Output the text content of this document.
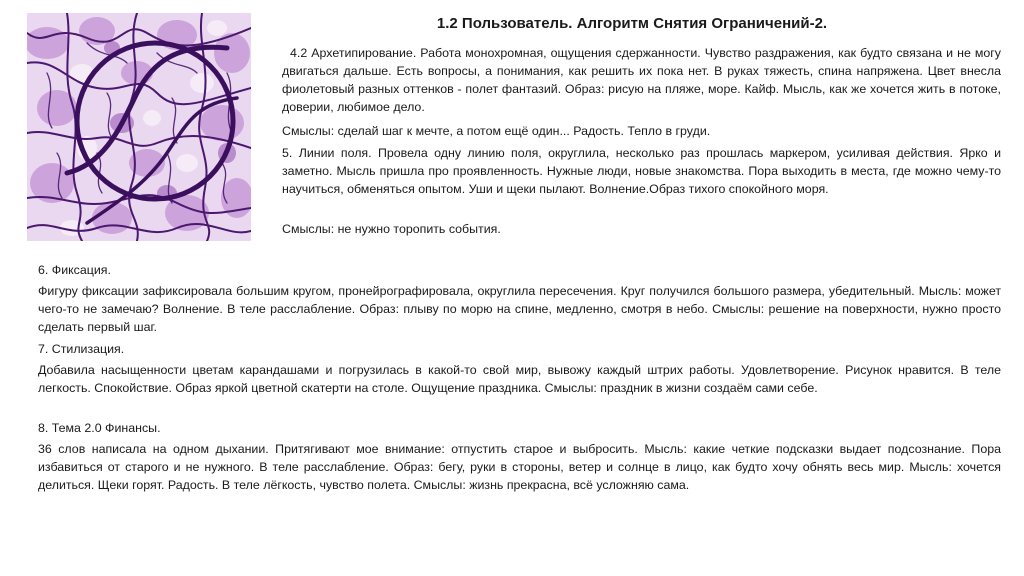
1.2 Пользователь. Алгоритм Снятия Ограничений-2.

4.2 Архетипирование. Работа монохромная, ощущения сдержанности. Чувство раздражения, как будто связана и не могу двигаться дальше. Есть вопросы, а понимания, как решить их пока нет. В руках тяжесть, спина напряжена. Цвет внесла фиолетовый разных оттенков - полет фантазий. Образ: рисую на пляже, море. Кайф. Мысль, как же хочется жить в потоке, доверии, любимое дело.

Смыслы: сделай шаг к мечте, а потом ещё один... Радость. Тепло в груди.

5. Линии поля. Провела одну линию поля, округлила, несколько раз прошлась маркером, усиливая действия. Ярко и заметно. Мысль пришла про проявленность. Нужные люди, новые знакомства. Пора выходить в места, где можно чему-то научиться, обменяться опытом. Уши и щеки пылают. Волнение.Образ тихого спокойного моря.

Смыслы: не нужно торопить события.

6. Фиксация.

Фигуру фиксации зафиксировала большим кругом, пронейрографировала, округлила пересечения. Круг получился большого размера, убедительный. Мысль: может чего-то не замечаю? Волнение. В теле расслабление. Образ: плыву по морю на спине, медленно, смотря в небо. Смыслы: решение на поверхности, нужно просто сделать первый шаг.

7. Стилизация.

Добавила насыщенности цветам карандашами и погрузилась в какой-то свой мир, вывожу каждый штрих работы. Удовлетворение. Рисунок нравится. В теле легкость. Спокойствие. Образ яркой цветной скатерти на столе. Ощущение праздника. Смыслы: праздник в жизни создаём сами себе.

8. Тема 2.0 Финансы.

36 слов написала на одном дыхании. Притягивают мое внимание: отпустить старое и выбросить. Мысль: какие четкие подсказки выдает подсознание. Пора избавиться от старого и не нужного. В теле расслабление. Образ: бегу, руки в стороны, ветер и солнце в лицо, как будто хочу обнять весь мир. Мысль: хочется делиться. Щеки горят. Радость. В теле лёгкость, чувство полета. Смыслы: жизнь прекрасна, всё усложняю сама.
